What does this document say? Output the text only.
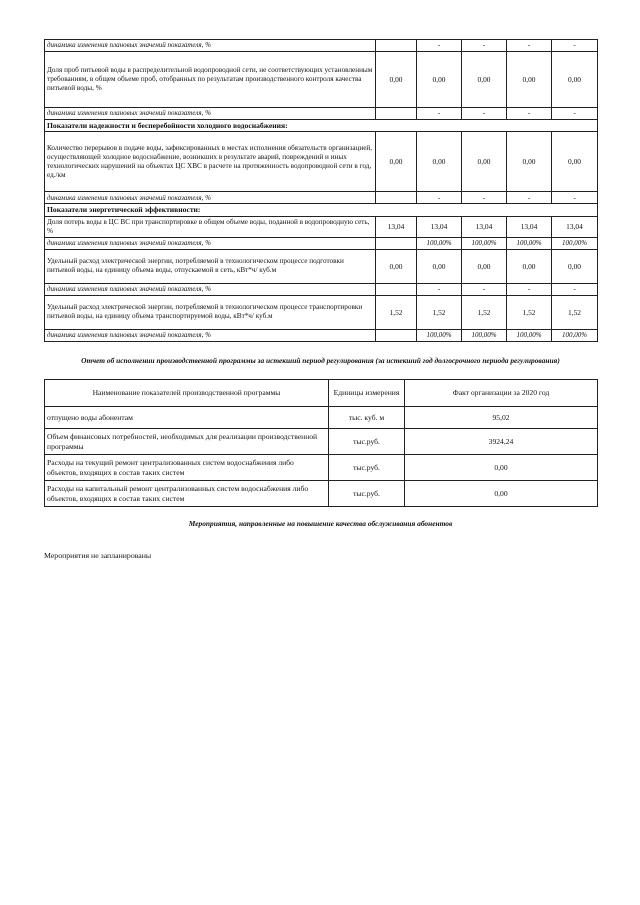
динамика изменения плановых значений показателя, %		-	-	-	-
Доля проб питьевой воды в распределительной водопроводной сети, не соответствующих установленным требованиям, в общем объеме проб, отобранных по результатам производственного контроля качества питьевой воды, %	0,00	0,00	0,00	0,00	0,00
динамика изменения плановых значений показателя, %		-	-	-	-
Показатели надежности и бесперебойности холодного водоснабжения:					
Количество перерывов в подаче воды, зафиксированных в местах исполнения обязательств организацией, осуществляющей холодное водоснабжение, возникших в результате аварий, повреждений и иных технологических нарушений на объектах ЦС ХВС в расчете на протяженность водопроводной сети в год, ед./км	0,00	0,00	0,00	0,00	0,00
динамика изменения плановых значений показателя, %		-	-	-	-
Показатели энергетической эффективности:					
Доля потерь воды в ЦС ВС при транспортировке в общем объеме воды, поданной в водопроводную сеть, %	13,04	13,04	13,04	13,04	13,04
динамика изменения плановых значений показателя, %		100,00%	100,00%	100,00%	100,00%
Удельный расход электрической энергии, потребляемой в технологическом процессе подготовки питьевой воды, на единицу объема воды, отпускаемой в сеть, кВт*ч/ куб.м	0,00	0,00	0,00	0,00	0,00
динамика изменения плановых значений показателя, %		-	-	-	-
Удельный расход электрической энергии, потребляемой в технологическом процессе транспортировки питьевой воды, на единицу объема транспортируемой воды, кВт*ч/ куб.м	1,52	1,52	1,52	1,52	1,52
динамика изменения плановых значений показателя, %		100,00%	100,00%	100,00%	100,00%
Отчет об исполнении производственной программы за истекший период регулирования (за истекший год долгосрочного периода регулирования)
Наименование показателей производственной программы	Единицы измерения	Факт организации за 2020 год
отпущено воды абонентам	тыс. куб. м	95,02
Объем финансовых потребностей, необходимых для реализации производственной программы	тыс.руб.	3924,24
Расходы на текущий ремонт централизованных систем водоснабжения либо объектов, входящих в состав таких систем	тыс.руб.	0,00
Расходы на капитальный ремонт централизованных систем водоснабжения либо объектов, входящих в состав таких систем	тыс.руб.	0,00
Мероприятия, направленные на повышение качества обслуживания абонентов
Мероприятия не запланированы
